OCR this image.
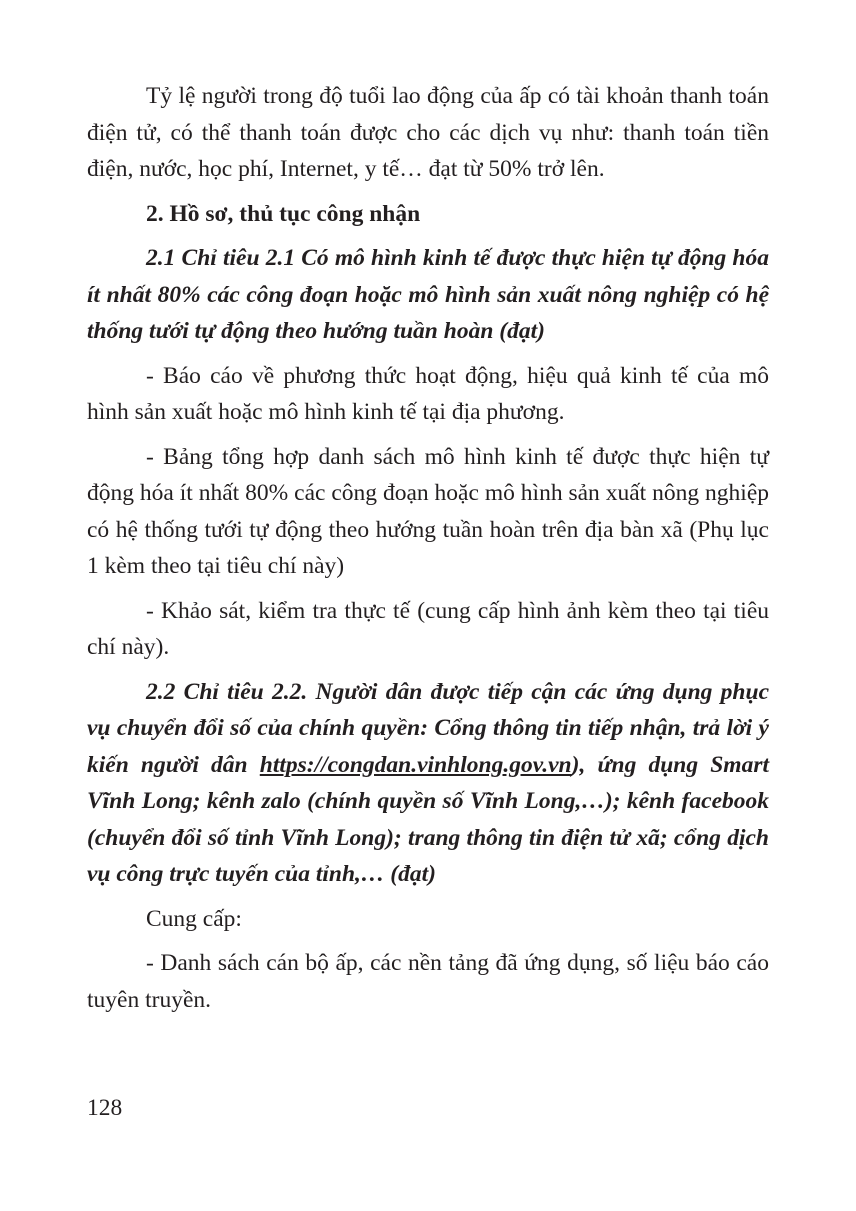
Tỷ lệ người trong độ tuổi lao động của ấp có tài khoản thanh toán điện tử, có thể thanh toán được cho các dịch vụ như: thanh toán tiền điện, nước, học phí, Internet, y tế… đạt từ 50% trở lên.

2. Hồ sơ, thủ tục công nhận

2.1 Chỉ tiêu 2.1 Có mô hình kinh tế được thực hiện tự động hóa ít nhất 80% các công đoạn hoặc mô hình sản xuất nông nghiệp có hệ thống tưới tự động theo hướng tuần hoàn (đạt)

- Báo cáo về phương thức hoạt động, hiệu quả kinh tế của mô hình sản xuất hoặc mô hình kinh tế tại địa phương.

- Bảng tổng hợp danh sách mô hình kinh tế được thực hiện tự động hóa ít nhất 80% các công đoạn hoặc mô hình sản xuất nông nghiệp có hệ thống tưới tự động theo hướng tuần hoàn trên địa bàn xã (Phụ lục 1 kèm theo tại tiêu chí này)

- Khảo sát, kiểm tra thực tế (cung cấp hình ảnh kèm theo tại tiêu chí này).

2.2 Chỉ tiêu 2.2. Người dân được tiếp cận các ứng dụng phục vụ chuyển đổi số của chính quyền: Cổng thông tin tiếp nhận, trả lời ý kiến người dân https://congdan.vinhlong.gov.vn), ứng dụng Smart Vĩnh Long; kênh zalo (chính quyền số Vĩnh Long,…); kênh facebook (chuyển đổi số tỉnh Vĩnh Long); trang thông tin điện tử xã; cổng dịch vụ công trực tuyến của tỉnh,… (đạt)

Cung cấp:

- Danh sách cán bộ ấp, các nền tảng đã ứng dụng, số liệu báo cáo tuyên truyền.

128
